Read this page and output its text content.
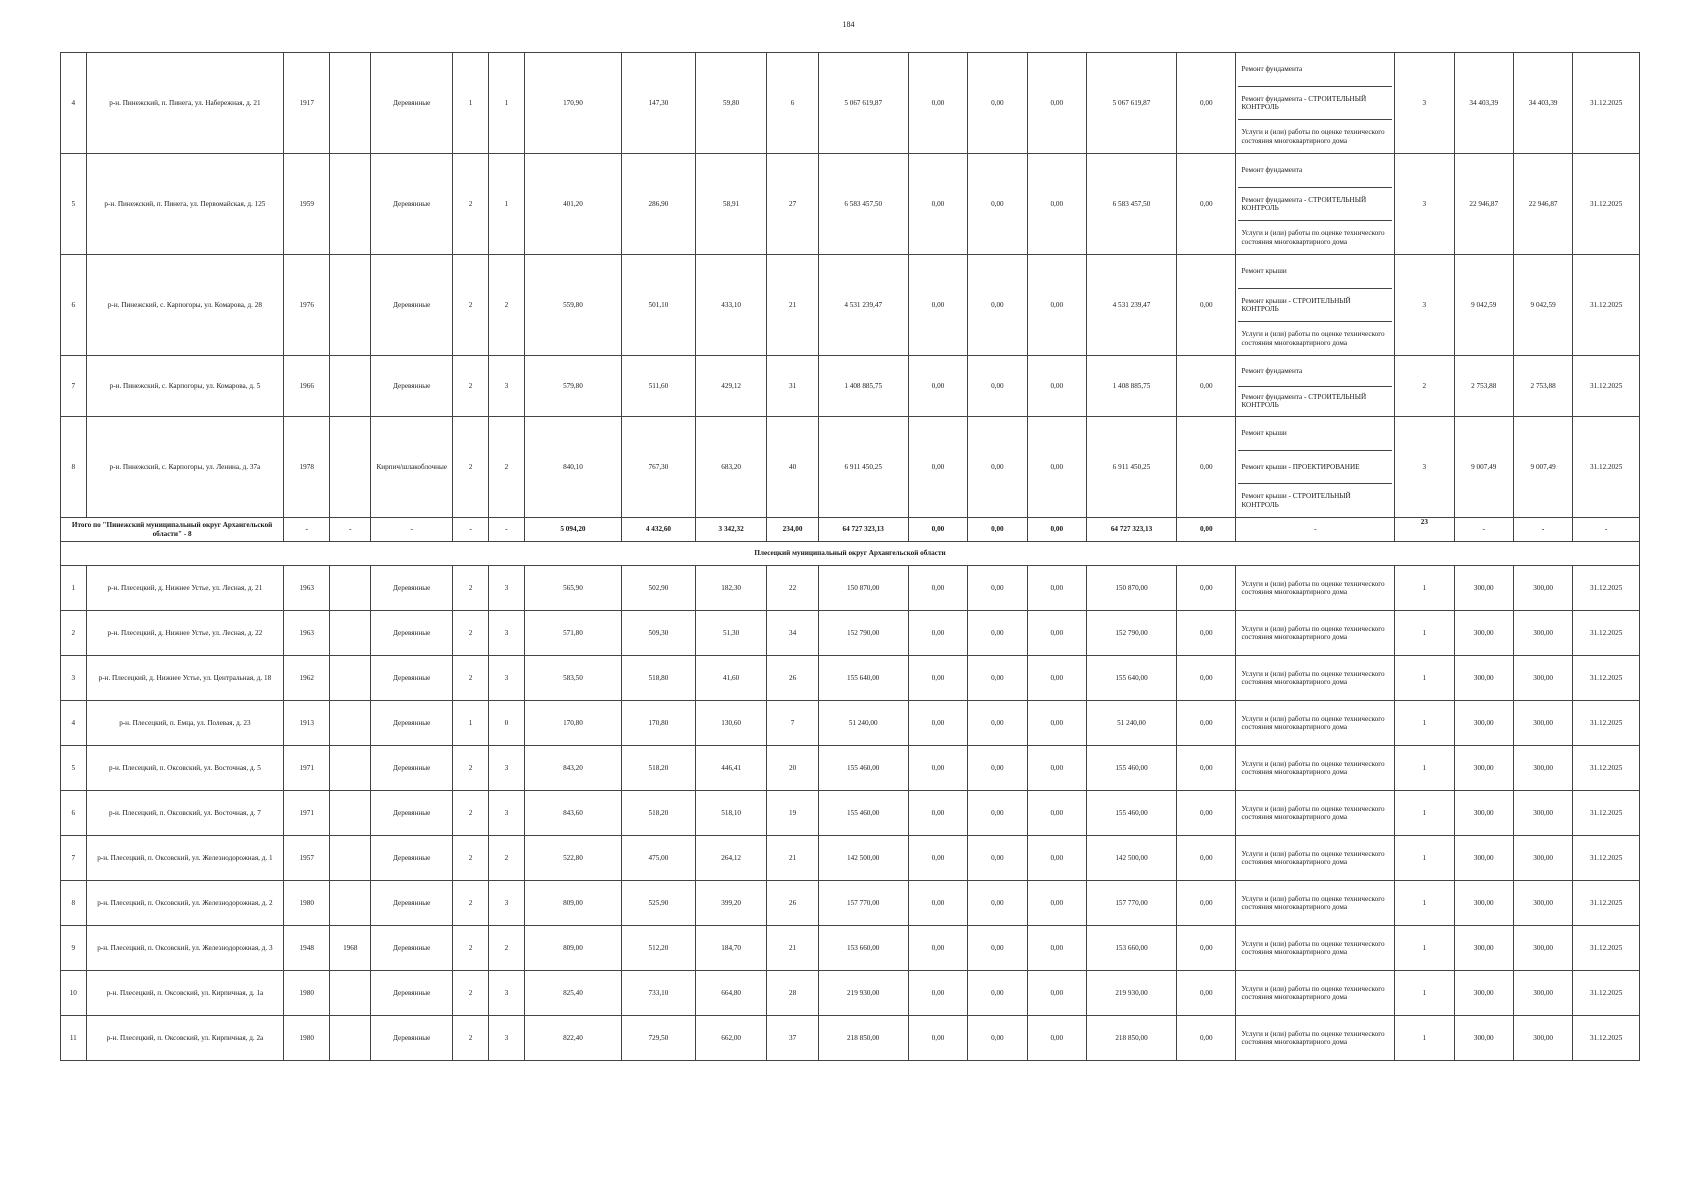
184
4	р-н. Пинежский, п. Пинега, ул. Набережная, д. 21	1917		Деревянные	1	1	170,90	147,30	59,80	6	5 067 619,87	0,00	0,00	0,00	5 067 619,87	0,00	Ремонт фундамента
Ремонт фундамента - СТРОИТЕЛЬНЫЙ КОНТРОЛЬ
Услуги и (или) работы по оценке технического состояния многоквартирного дома	3	34 403,39	34 403,39	31.12.2025
5	р-н. Пинежский, п. Пинега, ул. Первомайская, д. 125	1959		Деревянные	2	1	401,20	286,90	58,91	27	6 583 457,50	0,00	0,00	0,00	6 583 457,50	0,00	Ремонт фундамента
Ремонт фундамента - СТРОИТЕЛЬНЫЙ КОНТРОЛЬ
Услуги и (или) работы по оценке технического состояния многоквартирного дома	3	22 946,87	22 946,87	31.12.2025
6	р-н. Пинежский, с. Карпогоры, ул. Комарова, д. 28	1976		Деревянные	2	2	559,80	501,10	433,10	21	4 531 239,47	0,00	0,00	0,00	4 531 239,47	0,00	Ремонт крыши
Ремонт крыши - СТРОИТЕЛЬНЫЙ КОНТРОЛЬ
Услуги и (или) работы по оценке технического состояния многоквартирного дома	3	9 042,59	9 042,59	31.12.2025
7	р-н. Пинежский, с. Карпогоры, ул. Комарова, д. 5	1966		Деревянные	2	3	579,80	511,60	429,12	31	1 408 885,75	0,00	0,00	0,00	1 408 885,75	0,00	Ремонт фундамента
Ремонт фундамента - СТРОИТЕЛЬНЫЙ КОНТРОЛЬ	2	2 753,88	2 753,88	31.12.2025
8	р-н. Пинежский, с. Карпогоры, ул. Ленина, д. 37а	1978		Кирпич/шлакоблочные	2	2	840,10	767,30	683,20	40	6 911 450,25	0,00	0,00	0,00	6 911 450,25	0,00	Ремонт крыши
Ремонт крыши - ПРОЕКТИРОВАНИЕ
Ремонт крыши - СТРОИТЕЛЬНЫЙ КОНТРОЛЬ	3	9 007,49	9 007,49	31.12.2025
Итого по "Пинежский муниципальный округ Архангельской области" - 8		-	-	-	-	-	5 094,20	4 432,60	3 342,32	234,00	64 727 323,13	0,00	0,00	0,00	64 727 323,13	0,00	-	23	-	-	-
Плесецкий муниципальный округ Архангельской области																					
1	р-н. Плесецкий, д. Нижнее Устье, ул. Лесная, д. 21	1963		Деревянные	2	3	565,90	502,90	182,30	22	150 870,00	0,00	0,00	0,00	150 870,00	0,00	Услуги и (или) работы по оценке технического состояния многоквартирного дома	1	300,00	300,00	31.12.2025
2	р-н. Плесецкий, д. Нижнее Устье, ул. Лесная, д. 22	1963		Деревянные	2	3	571,80	509,30	51,30	34	152 790,00	0,00	0,00	0,00	152 790,00	0,00	Услуги и (или) работы по оценке технического состояния многоквартирного дома	1	300,00	300,00	31.12.2025
3	р-н. Плесецкий, д. Нижнее Устье, ул. Центральная, д. 18	1962		Деревянные	2	3	583,50	518,80	41,60	26	155 640,00	0,00	0,00	0,00	155 640,00	0,00	Услуги и (или) работы по оценке технического состояния многоквартирного дома	1	300,00	300,00	31.12.2025
4	р-н. Плесецкий, п. Емца, ул. Полевая, д. 23	1913		Деревянные	1	0	170,80	170,80	130,60	7	51 240,00	0,00	0,00	0,00	51 240,00	0,00	Услуги и (или) работы по оценке технического состояния многоквартирного дома	1	300,00	300,00	31.12.2025
5	р-н. Плесецкий, п. Оксовский, ул. Восточная, д. 5	1971		Деревянные	2	3	843,20	518,20	446,41	20	155 460,00	0,00	0,00	0,00	155 460,00	0,00	Услуги и (или) работы по оценке технического состояния многоквартирного дома	1	300,00	300,00	31.12.2025
6	р-н. Плесецкий, п. Оксовский, ул. Восточная, д. 7	1971		Деревянные	2	3	843,60	518,20	518,10	19	155 460,00	0,00	0,00	0,00	155 460,00	0,00	Услуги и (или) работы по оценке технического состояния многоквартирного дома	1	300,00	300,00	31.12.2025
7	р-н. Плесецкий, п. Оксовский, ул. Железнодорожная, д. 1	1957		Деревянные	2	2	522,80	475,00	264,12	21	142 500,00	0,00	0,00	0,00	142 500,00	0,00	Услуги и (или) работы по оценке технического состояния многоквартирного дома	1	300,00	300,00	31.12.2025
8	р-н. Плесецкий, п. Оксовский, ул. Железнодорожная, д. 2	1980		Деревянные	2	3	809,00	525,90	399,20	26	157 770,00	0,00	0,00	0,00	157 770,00	0,00	Услуги и (или) работы по оценке технического состояния многоквартирного дома	1	300,00	300,00	31.12.2025
9	р-н. Плесецкий, п. Оксовский, ул. Железнодорожная, д. 3	1948	1968	Деревянные	2	2	809,00	512,20	184,70	21	153 660,00	0,00	0,00	0,00	153 660,00	0,00	Услуги и (или) работы по оценке технического состояния многоквартирного дома	1	300,00	300,00	31.12.2025
10	р-н. Плесецкий, п. Оксовский, ул. Кирпичная, д. 1а	1980		Деревянные	2	3	825,40	733,10	664,80	28	219 930,00	0,00	0,00	0,00	219 930,00	0,00	Услуги и (или) работы по оценке технического состояния многоквартирного дома	1	300,00	300,00	31.12.2025
11	р-н. Плесецкий, п. Оксовский, ул. Кирпичная, д. 2а	1980		Деревянные	2	3	822,40	729,50	662,00	37	218 850,00	0,00	0,00	0,00	218 850,00	0,00	Услуги и (или) работы по оценке технического состояния многоквартирного дома	1	300,00	300,00	31.12.2025
